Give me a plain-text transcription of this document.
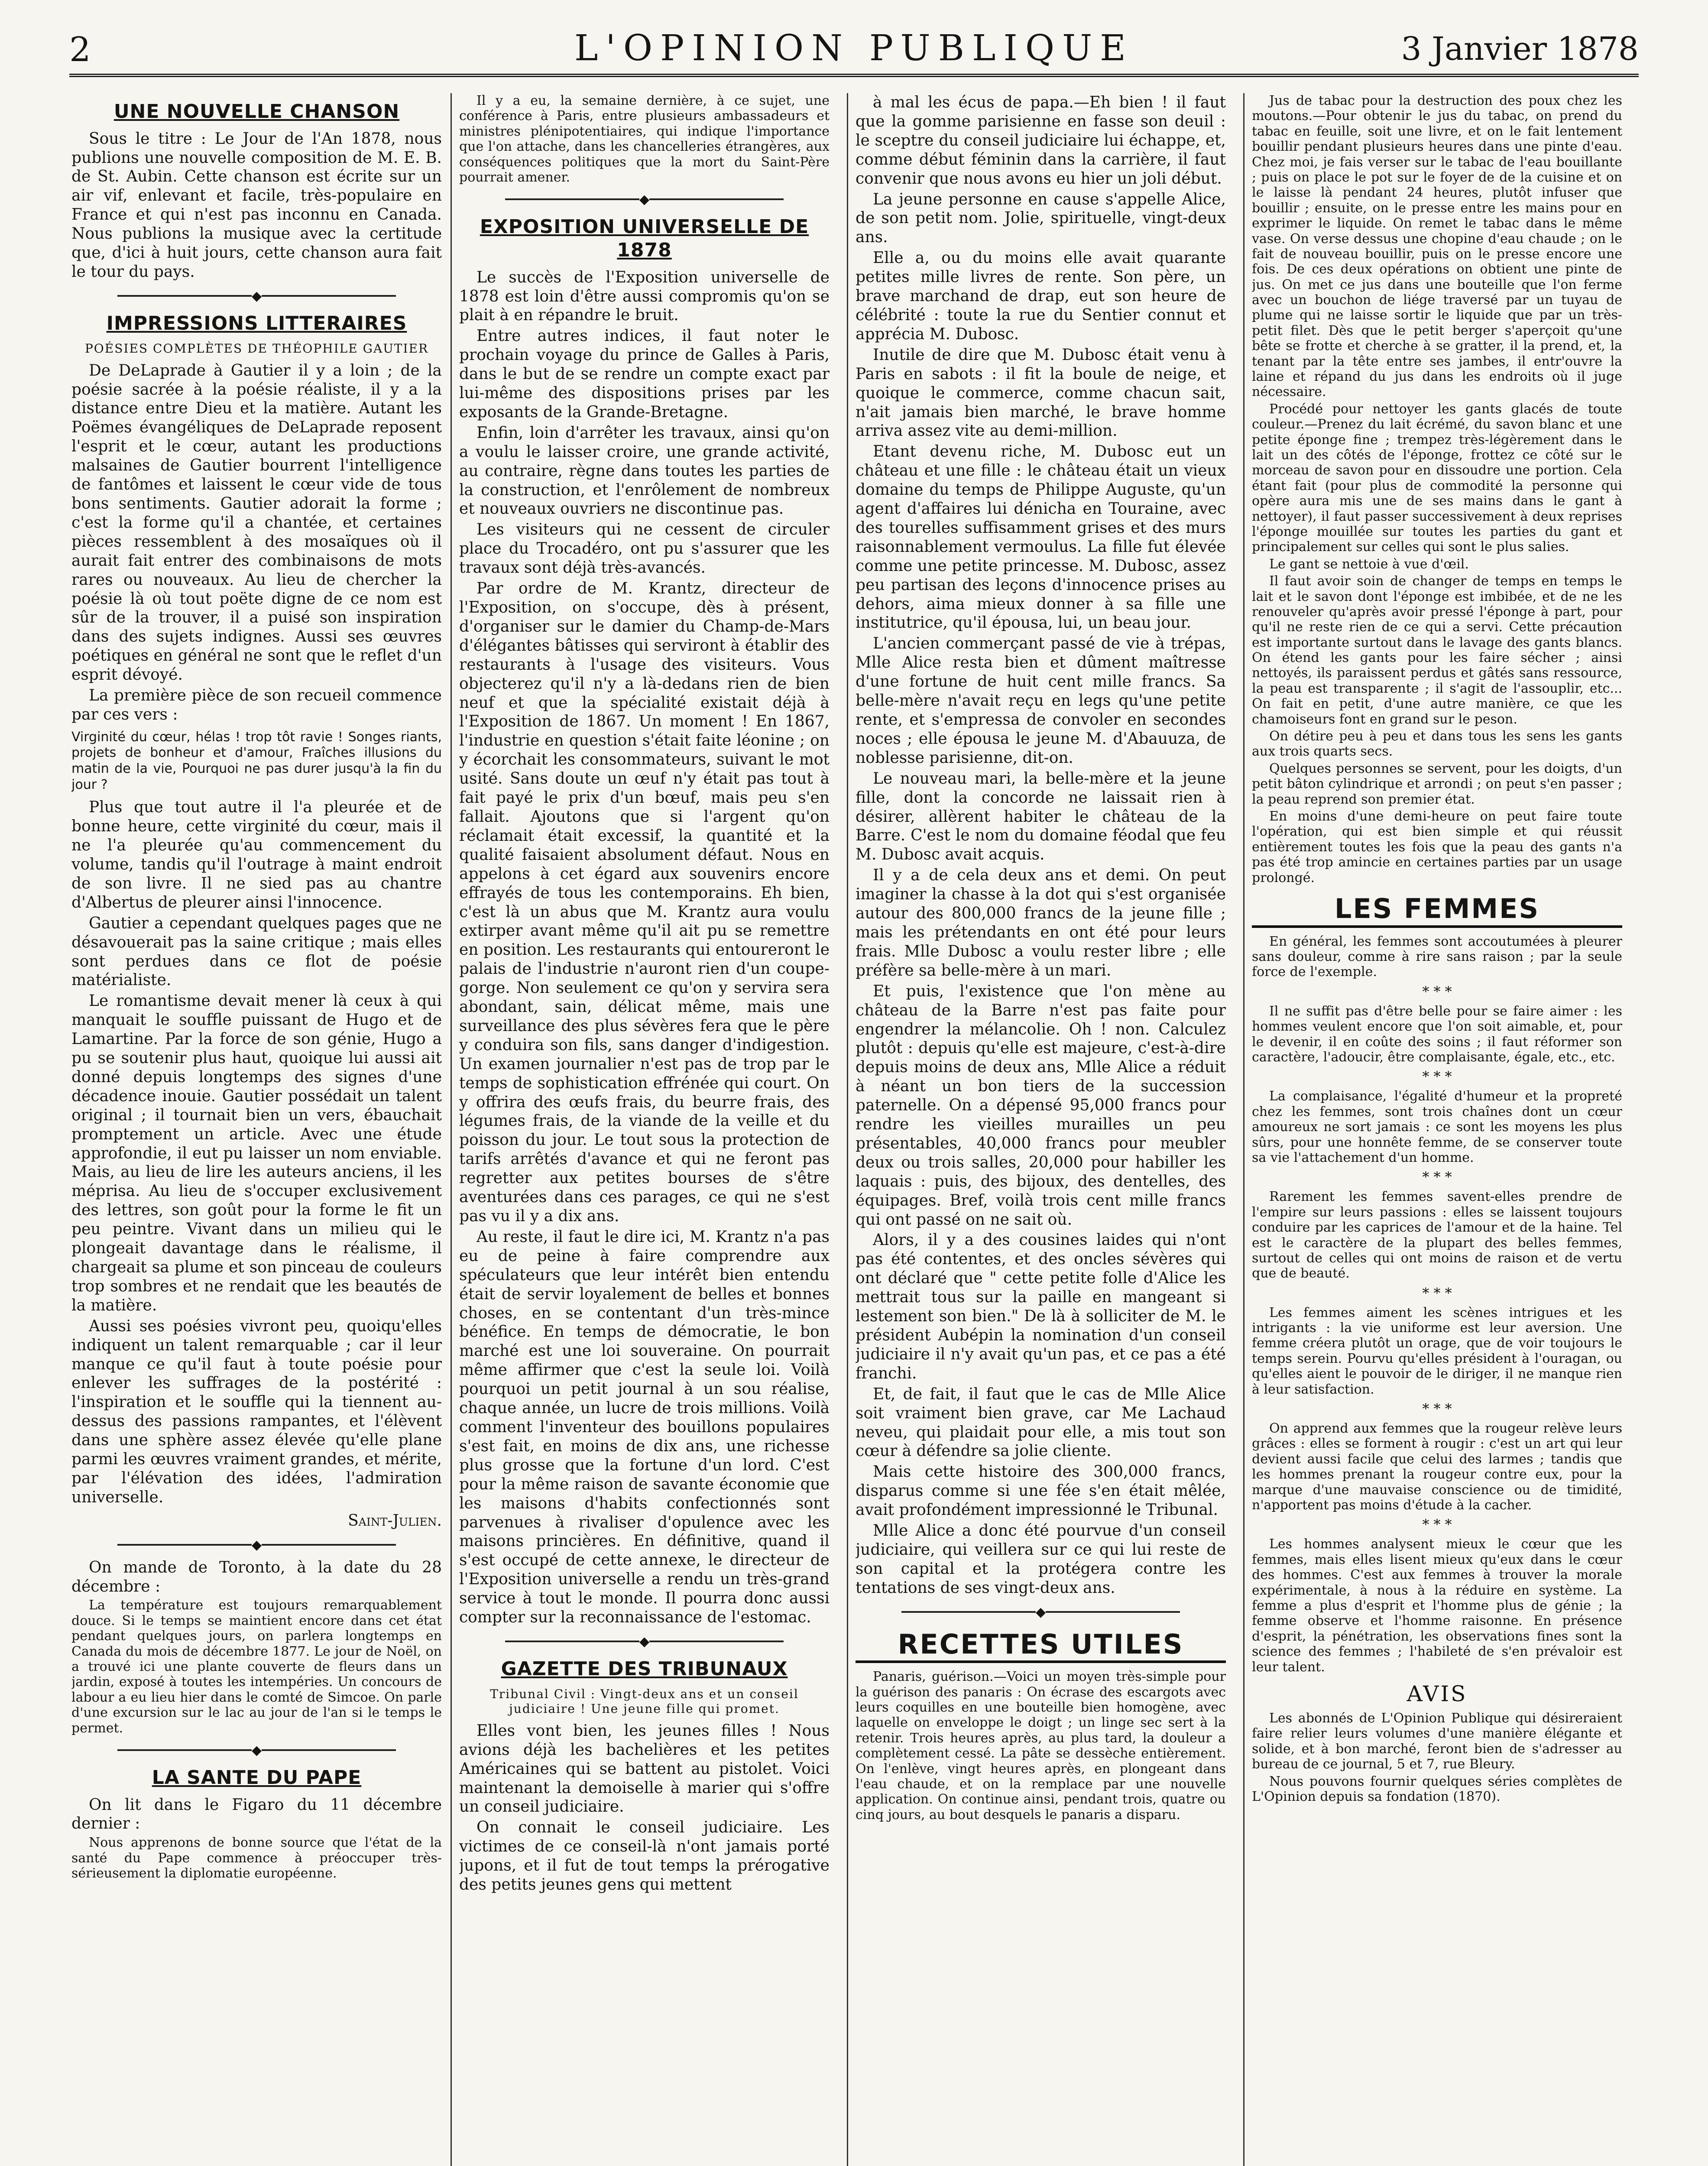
2	L'OPINION PUBLIQUE	3 Janvier 1878
UNE NOUVELLE CHANSON

Sous le titre : Le Jour de l'An 1878, nous publions une nouvelle composition de M. E. B. de St. Aubin. Cette chanson est écrite sur un air vif, enlevant et facile, très-populaire en France et qui n'est pas inconnu en Canada. Nous publions la musique avec la certitude que, d'ici à huit jours, cette chanson aura fait le tour du pays.

◆
IMPRESSIONS LITTERAIRES
POÉSIES COMPLÈTES DE THÉOPHILE GAUTIER

De DeLaprade à Gautier il y a loin ; de la poésie sacrée à la poésie réaliste, il y a la distance entre Dieu et la matière. Autant les Poëmes évangéliques de DeLaprade reposent l'esprit et le cœur, autant les productions malsaines de Gautier bourrent l'intelligence de fantômes et laissent le cœur vide de tous bons sentiments. Gautier adorait la forme ; c'est la forme qu'il a chantée, et certaines pièces ressemblent à des mosaïques où il aurait fait entrer des combinaisons de mots rares ou nouveaux. Au lieu de chercher la poésie là où tout poëte digne de ce nom est sûr de la trouver, il a puisé son inspiration dans des sujets indignes. Aussi ses œuvres poétiques en général ne sont que le reflet d'un esprit dévoyé.

La première pièce de son recueil commence par ces vers :

Virginité du cœur, hélas ! trop tôt ravie ! Songes riants, projets de bonheur et d'amour, Fraîches illusions du matin de la vie, Pourquoi ne pas durer jusqu'à la fin du jour ?

Plus que tout autre il l'a pleurée et de bonne heure, cette virginité du cœur, mais il ne l'a pleurée qu'au commencement du volume, tandis qu'il l'outrage à maint endroit de son livre. Il ne sied pas au chantre d'Albertus de pleurer ainsi l'innocence.

Gautier a cependant quelques pages que ne désavouerait pas la saine critique ; mais elles sont perdues dans ce flot de poésie matérialiste.

Le romantisme devait mener là ceux à qui manquait le souffle puissant de Hugo et de Lamartine. Par la force de son génie, Hugo a pu se soutenir plus haut, quoique lui aussi ait donné depuis longtemps des signes d'une décadence inouie. Gautier possédait un talent original ; il tournait bien un vers, ébauchait promptement un article. Avec une étude approfondie, il eut pu laisser un nom enviable. Mais, au lieu de lire les auteurs anciens, il les méprisa. Au lieu de s'occuper exclusivement des lettres, son goût pour la forme le fit un peu peintre. Vivant dans un milieu qui le plongeait davantage dans le réalisme, il chargeait sa plume et son pinceau de couleurs trop sombres et ne rendait que les beautés de la matière.

Aussi ses poésies vivront peu, quoiqu'elles indiquent un talent remarquable ; car il leur manque ce qu'il faut à toute poésie pour enlever les suffrages de la postérité : l'inspiration et le souffle qui la tiennent au-dessus des passions rampantes, et l'élèvent dans une sphère assez élevée qu'elle plane parmi les œuvres vraiment grandes, et mérite, par l'élévation des idées, l'admiration universelle.

Saint-Julien.

◆

On mande de Toronto, à la date du 28 décembre :

La température est toujours remarquablement douce. Si le temps se maintient encore dans cet état pendant quelques jours, on parlera longtemps en Canada du mois de décembre 1877. Le jour de Noël, on a trouvé ici une plante couverte de fleurs dans un jardin, exposé à toutes les intempéries. Un concours de labour a eu lieu hier dans le comté de Simcoe. On parle d'une excursion sur le lac au jour de l'an si le temps le permet.

◆
LA SANTE DU PAPE

On lit dans le Figaro du 11 décembre dernier :

Nous apprenons de bonne source que l'état de la santé du Pape commence à préoccuper très-sérieusement la diplomatie européenne.

Il y a eu, la semaine dernière, à ce sujet, une conférence à Paris, entre plusieurs ambassadeurs et ministres plénipotentiaires, qui indique l'importance que l'on attache, dans les chancelleries étrangères, aux conséquences politiques que la mort du Saint-Père pourrait amener.

◆
EXPOSITION UNIVERSELLE DE 1878

Le succès de l'Exposition universelle de 1878 est loin d'être aussi compromis qu'on se plait à en répandre le bruit.

Entre autres indices, il faut noter le prochain voyage du prince de Galles à Paris, dans le but de se rendre un compte exact par lui-même des dispositions prises par les exposants de la Grande-Bretagne.

Enfin, loin d'arrêter les travaux, ainsi qu'on a voulu le laisser croire, une grande activité, au contraire, règne dans toutes les parties de la construction, et l'enrôlement de nombreux et nouveaux ouvriers ne discontinue pas.

Les visiteurs qui ne cessent de circuler place du Trocadéro, ont pu s'assurer que les travaux sont déjà très-avancés.

Par ordre de M. Krantz, directeur de l'Exposition, on s'occupe, dès à présent, d'organiser sur le damier du Champ-de-Mars d'élégantes bâtisses qui serviront à établir des restaurants à l'usage des visiteurs. Vous objecterez qu'il n'y a là-dedans rien de bien neuf et que la spécialité existait déjà à l'Exposition de 1867. Un moment ! En 1867, l'industrie en question s'était faite léonine ; on y écorchait les consommateurs, suivant le mot usité. Sans doute un œuf n'y était pas tout à fait payé le prix d'un bœuf, mais peu s'en fallait. Ajoutons que si l'argent qu'on réclamait était excessif, la quantité et la qualité faisaient absolument défaut. Nous en appelons à cet égard aux souvenirs encore effrayés de tous les contemporains. Eh bien, c'est là un abus que M. Krantz aura voulu extirper avant même qu'il ait pu se remettre en position. Les restaurants qui entoureront le palais de l'industrie n'auront rien d'un coupe-gorge. Non seulement ce qu'on y servira sera abondant, sain, délicat même, mais une surveillance des plus sévères fera que le père y conduira son fils, sans danger d'indigestion. Un examen journalier n'est pas de trop par le temps de sophistication effrénée qui court. On y offrira des œufs frais, du beurre frais, des légumes frais, de la viande de la veille et du poisson du jour. Le tout sous la protection de tarifs arrêtés d'avance et qui ne feront pas regretter aux petites bourses de s'être aventurées dans ces parages, ce qui ne s'est pas vu il y a dix ans.

Au reste, il faut le dire ici, M. Krantz n'a pas eu de peine à faire comprendre aux spéculateurs que leur intérêt bien entendu était de servir loyalement de belles et bonnes choses, en se contentant d'un très-mince bénéfice. En temps de démocratie, le bon marché est une loi souveraine. On pourrait même affirmer que c'est la seule loi. Voilà pourquoi un petit journal à un sou réalise, chaque année, un lucre de trois millions. Voilà comment l'inventeur des bouillons populaires s'est fait, en moins de dix ans, une richesse plus grosse que la fortune d'un lord. C'est pour la même raison de savante économie que les maisons d'habits confectionnés sont parvenues à rivaliser d'opulence avec les maisons princières. En définitive, quand il s'est occupé de cette annexe, le directeur de l'Exposition universelle a rendu un très-grand service à tout le monde. Il pourra donc aussi compter sur la reconnaissance de l'estomac.

◆
GAZETTE DES TRIBUNAUX
Tribunal Civil : Vingt-deux ans et un conseil judiciaire ! Une jeune fille qui promet.

Elles vont bien, les jeunes filles ! Nous avions déjà les bachelières et les petites Américaines qui se battent au pistolet. Voici maintenant la demoiselle à marier qui s'offre un conseil judiciaire.

On connait le conseil judiciaire. Les victimes de ce conseil-là n'ont jamais porté jupons, et il fut de tout temps la prérogative des petits jeunes gens qui mettent

à mal les écus de papa.—Eh bien ! il faut que la gomme parisienne en fasse son deuil : le sceptre du conseil judiciaire lui échappe, et, comme début féminin dans la carrière, il faut convenir que nous avons eu hier un joli début.

La jeune personne en cause s'appelle Alice, de son petit nom. Jolie, spirituelle, vingt-deux ans.

Elle a, ou du moins elle avait quarante petites mille livres de rente. Son père, un brave marchand de drap, eut son heure de célébrité : toute la rue du Sentier connut et apprécia M. Dubosc.

Inutile de dire que M. Dubosc était venu à Paris en sabots : il fit la boule de neige, et quoique le commerce, comme chacun sait, n'ait jamais bien marché, le brave homme arriva assez vite au demi-million.

Etant devenu riche, M. Dubosc eut un château et une fille : le château était un vieux domaine du temps de Philippe Auguste, qu'un agent d'affaires lui dénicha en Touraine, avec des tourelles suffisamment grises et des murs raisonnablement vermoulus. La fille fut élevée comme une petite princesse. M. Dubosc, assez peu partisan des leçons d'innocence prises au dehors, aima mieux donner à sa fille une institutrice, qu'il épousa, lui, un beau jour.

L'ancien commerçant passé de vie à trépas, Mlle Alice resta bien et dûment maîtresse d'une fortune de huit cent mille francs. Sa belle-mère n'avait reçu en legs qu'une petite rente, et s'empressa de convoler en secondes noces ; elle épousa le jeune M. d'Abauuza, de noblesse parisienne, dit-on.

Le nouveau mari, la belle-mère et la jeune fille, dont la concorde ne laissait rien à désirer, allèrent habiter le château de la Barre. C'est le nom du domaine féodal que feu M. Dubosc avait acquis.

Il y a de cela deux ans et demi. On peut imaginer la chasse à la dot qui s'est organisée autour des 800,000 francs de la jeune fille ; mais les prétendants en ont été pour leurs frais. Mlle Dubosc a voulu rester libre ; elle préfère sa belle-mère à un mari.

Et puis, l'existence que l'on mène au château de la Barre n'est pas faite pour engendrer la mélancolie. Oh ! non. Calculez plutôt : depuis qu'elle est majeure, c'est-à-dire depuis moins de deux ans, Mlle Alice a réduit à néant un bon tiers de la succession paternelle. On a dépensé 95,000 francs pour rendre les vieilles murailles un peu présentables, 40,000 francs pour meubler deux ou trois salles, 20,000 pour habiller les laquais : puis, des bijoux, des dentelles, des équipages. Bref, voilà trois cent mille francs qui ont passé on ne sait où.

Alors, il y a des cousines laides qui n'ont pas été contentes, et des oncles sévères qui ont déclaré que " cette petite folle d'Alice les mettrait tous sur la paille en mangeant si lestement son bien." De là à solliciter de M. le président Aubépin la nomination d'un conseil judiciaire il n'y avait qu'un pas, et ce pas a été franchi.

Et, de fait, il faut que le cas de Mlle Alice soit vraiment bien grave, car Me Lachaud neveu, qui plaidait pour elle, a mis tout son cœur à défendre sa jolie cliente.

Mais cette histoire des 300,000 francs, disparus comme si une fée s'en était mêlée, avait profondément impressionné le Tribunal.

Mlle Alice a donc été pourvue d'un conseil judiciaire, qui veillera sur ce qui lui reste de son capital et la protégera contre les tentations de ses vingt-deux ans.

◆
RECETTES UTILES

Panaris, guérison.—Voici un moyen très-simple pour la guérison des panaris : On écrase des escargots avec leurs coquilles en une bouteille bien homogène, avec laquelle on enveloppe le doigt ; un linge sec sert à la retenir. Trois heures après, au plus tard, la douleur a complètement cessé. La pâte se dessèche entièrement. On l'enlève, vingt heures après, en plongeant dans l'eau chaude, et on la remplace par une nouvelle application. On continue ainsi, pendant trois, quatre ou cinq jours, au bout desquels le panaris a disparu.

Jus de tabac pour la destruction des poux chez les moutons.—Pour obtenir le jus du tabac, on prend du tabac en feuille, soit une livre, et on le fait lentement bouillir pendant plusieurs heures dans une pinte d'eau. Chez moi, je fais verser sur le tabac de l'eau bouillante ; puis on place le pot sur le foyer de de la cuisine et on le laisse là pendant 24 heures, plutôt infuser que bouillir ; ensuite, on le presse entre les mains pour en exprimer le liquide. On remet le tabac dans le même vase. On verse dessus une chopine d'eau chaude ; on le fait de nouveau bouillir, puis on le presse encore une fois. De ces deux opérations on obtient une pinte de jus. On met ce jus dans une bouteille que l'on ferme avec un bouchon de liége traversé par un tuyau de plume qui ne laisse sortir le liquide que par un très-petit filet. Dès que le petit berger s'aperçoit qu'une bête se frotte et cherche à se gratter, il la prend, et, la tenant par la tête entre ses jambes, il entr'ouvre la laine et répand du jus dans les endroits où il juge nécessaire.

Procédé pour nettoyer les gants glacés de toute couleur.—Prenez du lait écrémé, du savon blanc et une petite éponge fine ; trempez très-légèrement dans le lait un des côtés de l'éponge, frottez ce côté sur le morceau de savon pour en dissoudre une portion. Cela étant fait (pour plus de commodité la personne qui opère aura mis une de ses mains dans le gant à nettoyer), il faut passer successivement à deux reprises l'éponge mouillée sur toutes les parties du gant et principalement sur celles qui sont le plus salies.

Le gant se nettoie à vue d'œil.

Il faut avoir soin de changer de temps en temps le lait et le savon dont l'éponge est imbibée, et de ne les renouveler qu'après avoir pressé l'éponge à part, pour qu'il ne reste rien de ce qui a servi. Cette précaution est importante surtout dans le lavage des gants blancs. On étend les gants pour les faire sécher ; ainsi nettoyés, ils paraissent perdus et gâtés sans ressource, la peau est transparente ; il s'agit de l'assouplir, etc... On fait en petit, d'une autre manière, ce que les chamoiseurs font en grand sur le peson.

On détire peu à peu et dans tous les sens les gants aux trois quarts secs.

Quelques personnes se servent, pour les doigts, d'un petit bâton cylindrique et arrondi ; on peut s'en passer ; la peau reprend son premier état.

En moins d'une demi-heure on peut faire toute l'opération, qui est bien simple et qui réussit entièrement toutes les fois que la peau des gants n'a pas été trop amincie en certaines parties par un usage prolongé.

LES FEMMES

En général, les femmes sont accoutumées à pleurer sans douleur, comme à rire sans raison ; par la seule force de l'exemple.

* * *

Il ne suffit pas d'être belle pour se faire aimer : les hommes veulent encore que l'on soit aimable, et, pour le devenir, il en coûte des soins ; il faut réformer son caractère, l'adoucir, être complaisante, égale, etc., etc.

* * *

La complaisance, l'égalité d'humeur et la propreté chez les femmes, sont trois chaînes dont un cœur amoureux ne sort jamais : ce sont les moyens les plus sûrs, pour une honnête femme, de se conserver toute sa vie l'attachement d'un homme.

* * *

Rarement les femmes savent-elles prendre de l'empire sur leurs passions : elles se laissent toujours conduire par les caprices de l'amour et de la haine. Tel est le caractère de la plupart des belles femmes, surtout de celles qui ont moins de raison et de vertu que de beauté.

* * *

Les femmes aiment les scènes intrigues et les intrigants : la vie uniforme est leur aversion. Une femme créera plutôt un orage, que de voir toujours le temps serein. Pourvu qu'elles président à l'ouragan, ou qu'elles aient le pouvoir de le diriger, il ne manque rien à leur satisfaction.

* * *

On apprend aux femmes que la rougeur relève leurs grâces : elles se forment à rougir : c'est un art qui leur devient aussi facile que celui des larmes ; tandis que les hommes prenant la rougeur contre eux, pour la marque d'une mauvaise conscience ou de timidité, n'apportent pas moins d'étude à la cacher.

* * *

Les hommes analysent mieux le cœur que les femmes, mais elles lisent mieux qu'eux dans le cœur des hommes. C'est aux femmes à trouver la morale expérimentale, à nous à la réduire en système. La femme a plus d'esprit et l'homme plus de génie ; la femme observe et l'homme raisonne. En présence d'esprit, la pénétration, les observations fines sont la science des femmes ; l'habileté de s'en prévaloir est leur talent.

AVIS

Les abonnés de L'Opinion Publique qui désireraient faire relier leurs volumes d'une manière élégante et solide, et à bon marché, feront bien de s'adresser au bureau de ce journal, 5 et 7, rue Bleury.

Nous pouvons fournir quelques séries complètes de L'Opinion depuis sa fondation (1870).
